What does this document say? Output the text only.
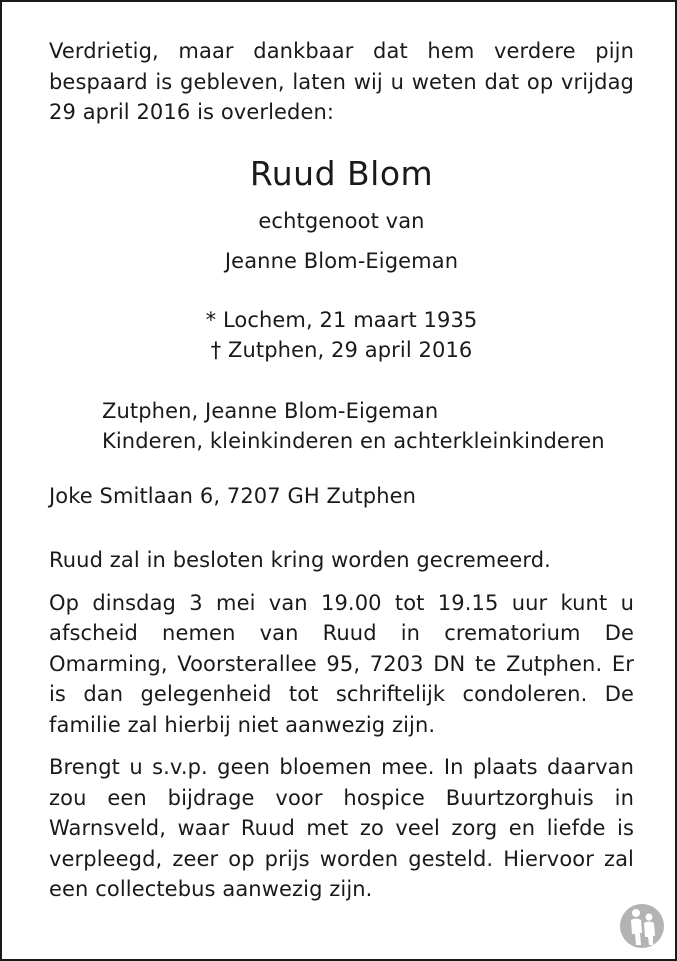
Verdrietig, maar dankbaar dat hem verdere pijn bespaard is gebleven, laten wij u weten dat op vrijdag 29 april 2016 is overleden:

Ruud Blom
echtgenoot van
Jeanne Blom-Eigeman
* Lochem, 21 maart 1935
† Zutphen, 29 april 2016
Zutphen, Jeanne Blom-Eigeman
Kinderen, kleinkinderen en achterkleinkinderen
Joke Smitlaan 6, 7207 GH Zutphen

Ruud zal in besloten kring worden gecremeerd.

Op dinsdag 3 mei van 19.00 tot 19.15 uur kunt u afscheid nemen van Ruud in crematorium De Omarming, Voorsterallee 95, 7203 DN te Zutphen. Er is dan gelegenheid tot schriftelijk condoleren. De familie zal hierbij niet aanwezig zijn.

Brengt u s.v.p. geen bloemen mee. In plaats daarvan zou een bijdrage voor hospice Buurtzorghuis in Warnsveld, waar Ruud met zo veel zorg en liefde is verpleegd, zeer op prijs worden gesteld. Hiervoor zal een collectebus aanwezig zijn.
